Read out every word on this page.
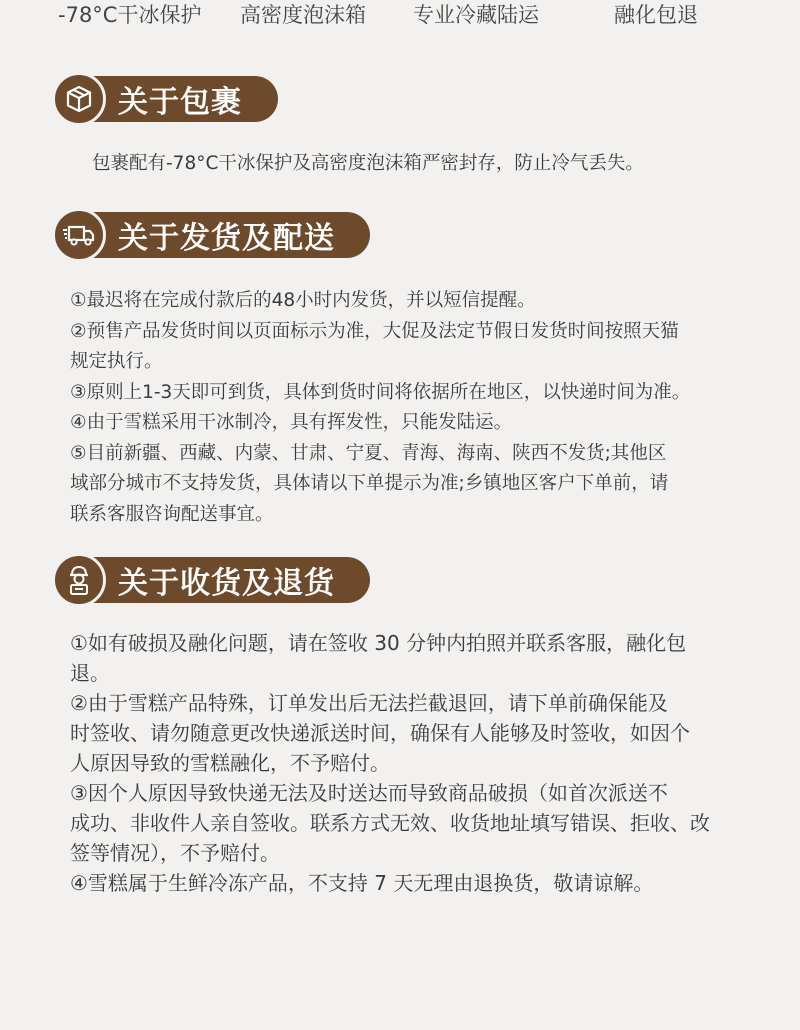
-78°C干冰保护 高密度泡沫箱 专业冷藏陆运	融化包退
关于包裹

包裹配有-78°C干冰保护及高密度泡沫箱严密封存，防止冷气丢失。

关于发货及配送

①最迟将在完成付款后的48小时内发货，并以短信提醒。

②预售产品发货时间以页面标示为准，大促及法定节假日发货时间按照天猫

规定执行。

③原则上1-3天即可到货，具体到货时间将依据所在地区，以快递时间为准。

④由于雪糕采用干冰制冷，具有挥发性，只能发陆运。

⑤目前新疆、西藏、内蒙、甘肃、宁夏、青海、海南、陕西不发货;其他区

域部分城市不支持发货，具体请以下单提示为准;乡镇地区客户下单前，请

联系客服咨询配送事宜。

关于收货及退货

①如有破损及融化问题，请在签收 30 分钟内拍照并联系客服，融化包

退。

②由于雪糕产品特殊，订单发出后无法拦截退回，请下单前确保能及

时签收、请勿随意更改快递派送时间，确保有人能够及时签收，如因个

人原因导致的雪糕融化，不予赔付。

③因个人原因导致快递无法及时送达而导致商品破损（如首次派送不

成功、非收件人亲自签收。联系方式无效、收货地址填写错误、拒收、改

签等情况），不予赔付。

④雪糕属于生鲜冷冻产品，不支持 7 天无理由退换货，敬请谅解。
